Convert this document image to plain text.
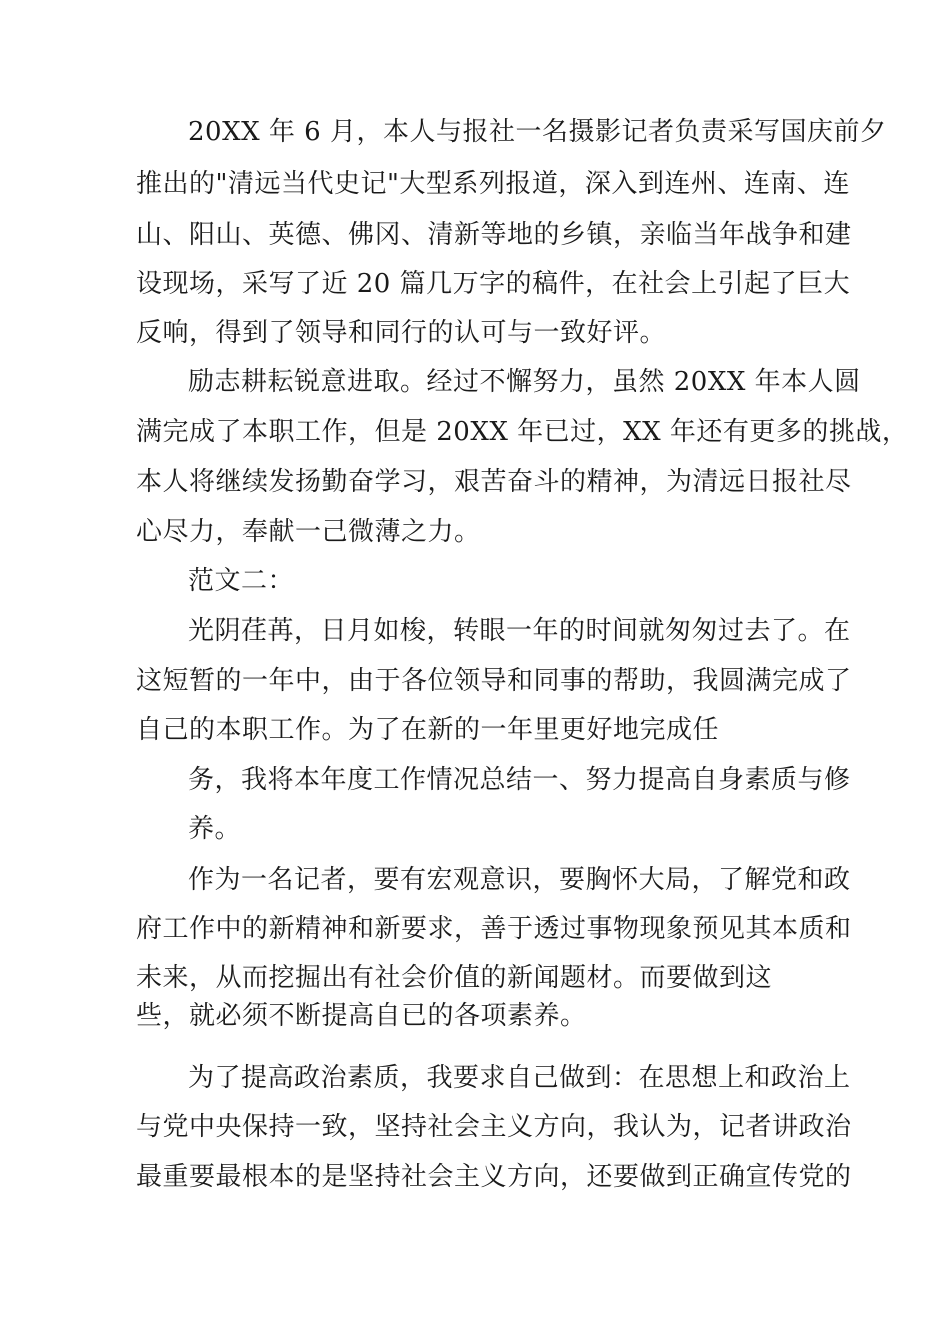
20XX 年 6 月，本人与报社一名摄影记者负责采写国庆前夕
推出的"清远当代史记"大型系列报道，深入到连州、连南、连
山、阳山、英德、佛冈、清新等地的乡镇，亲临当年战争和建
设现场，采写了近 20 篇几万字的稿件，在社会上引起了巨大
反响，得到了领导和同行的认可与一致好评。
励志耕耘锐意进取。经过不懈努力，虽然 20XX 年本人圆
满完成了本职工作，但是 20XX 年已过，XX 年还有更多的挑战，
本人将继续发扬勤奋学习，艰苦奋斗的精神，为清远日报社尽
心尽力，奉献一己微薄之力。
范文二：
光阴荏苒，日月如梭，转眼一年的时间就匆匆过去了。在
这短暂的一年中，由于各位领导和同事的帮助，我圆满完成了
自己的本职工作。为了在新的一年里更好地完成任
务，我将本年度工作情况总结一、努力提高自身素质与修
养。
作为一名记者，要有宏观意识，要胸怀大局，了解党和政
府工作中的新精神和新要求，善于透过事物现象预见其本质和
未来，从而挖掘出有社会价值的新闻题材。而要做到这
些，就必须不断提高自已的各项素养。
为了提高政治素质，我要求自己做到：在思想上和政治上
与党中央保持一致，坚持社会主义方向，我认为，记者讲政治
最重要最根本的是坚持社会主义方向，还要做到正确宣传党的
